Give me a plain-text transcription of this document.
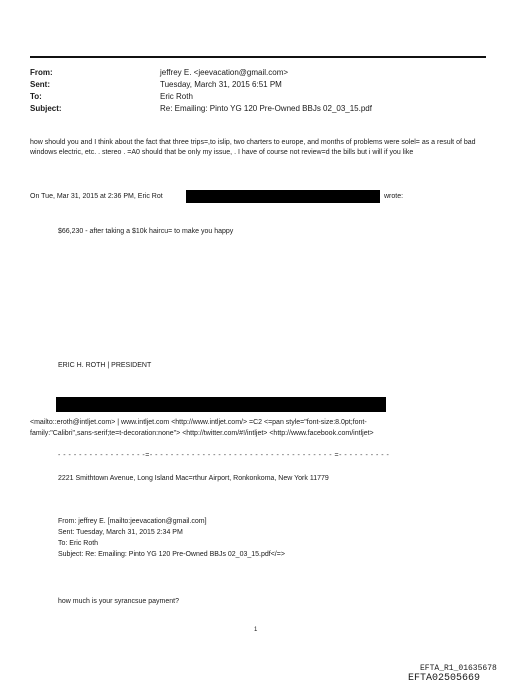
From:	jeffrey E. <jeevacation@gmail.com>
Sent:	Tuesday, March 31, 2015 6:51 PM
To:	Eric Roth
Subject:	Re: Emailing: Pinto YG 120 Pre-Owned BBJs 02_03_15.pdf
how should you and I think about the fact that three trips=,to islip, two charters to europe, and months of problems were solel= as a result of bad windows electric, etc. . stereo . =A0 should that be only my issue, . I have of course not review=d the bills but i will if you like
On Tue, Mar 31, 2015 at 2:36 PM, Eric Rot	wrote:
$66,230 - after taking a $10k haircu= to make you happy
ERIC H. ROTH | PRESIDENT
<mailto::eroth@intljet.com> | www.intljet.com <http://www.intljet.com/> =C2 <=pan style="font-size:8.0pt;font-
family:"Calibri",sans-serif;te=t-decoration:none"> <http://twitter.com/#!/intljet> <http://www.facebook.com/intljet>
- - - - - - - - - - - - - - - - -=- - - - - - - - - - - - - - - - - - - - - - - - - - - - - - - - - - - =- - - - - - - - - -
2221 Smithtown Avenue, Long Island Mac=rthur Airport, Ronkonkoma, New York 11779
From: jeffrey E. [mailto:jeevacation@gmail.com]
Sent: Tuesday, March 31, 2015 2:34 PM
To: Eric Roth
Subject: Re: Emailing: Pinto YG 120 Pre-Owned BBJs 02_03_15.pdf</=>
how much is your syrancsue payment?
1
EFTA_R1_01635678
EFTA02505669
